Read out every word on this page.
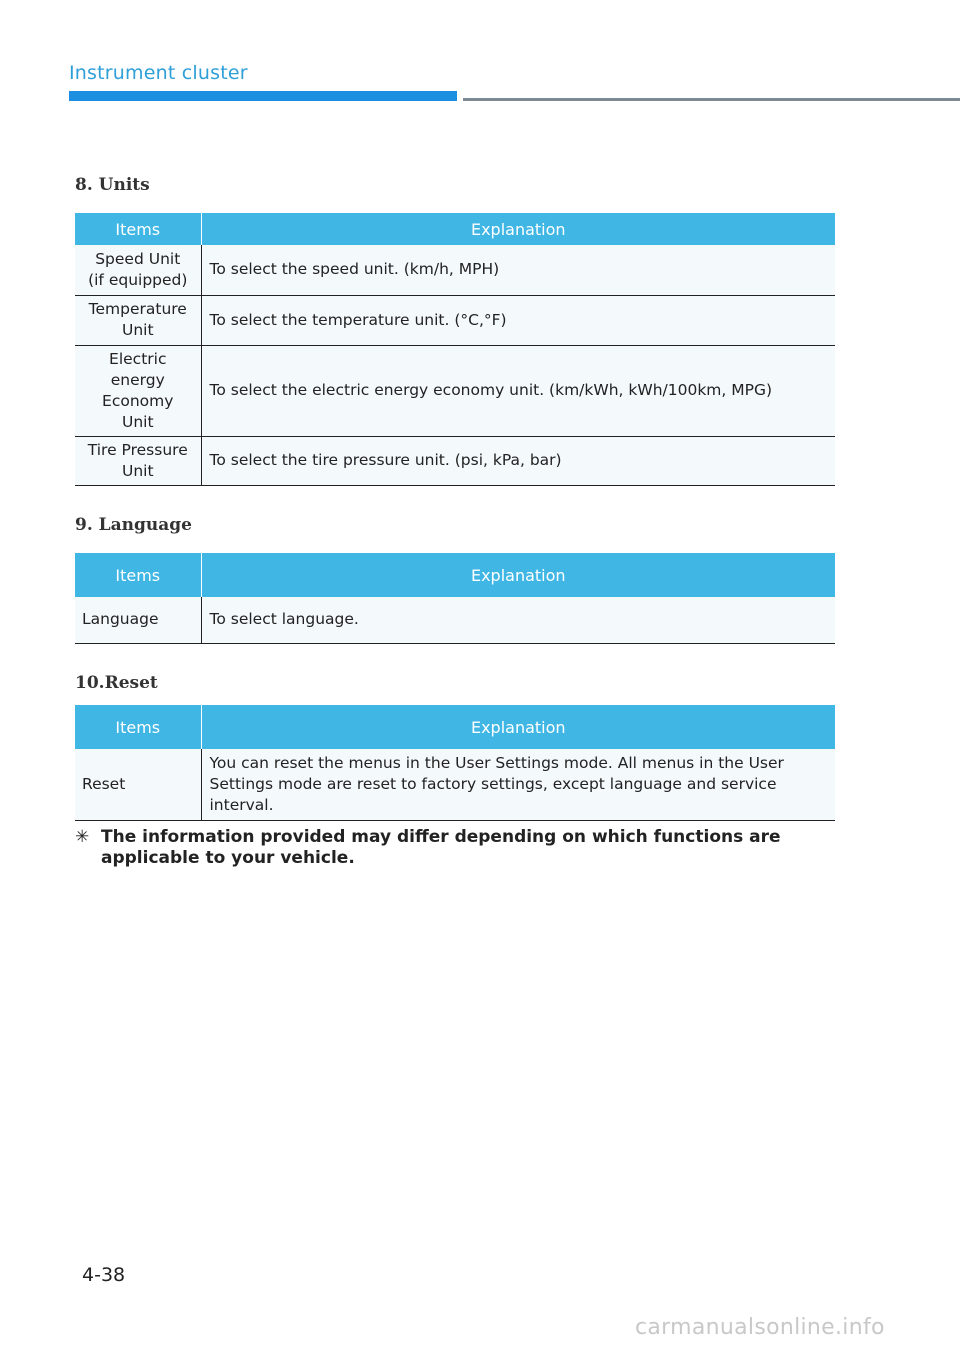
Instrument cluster
8. Units
Items	Explanation
Speed Unit
(if equipped)	To select the speed unit. (km/h, MPH)
Temperature
Unit	To select the temperature unit. (°C,°F)
Electric
energy
Economy
Unit	To select the electric energy economy unit. (km/kWh, kWh/100km, MPG)
Tire Pressure
Unit	To select the tire pressure unit. (psi, kPa, bar)
9. Language
Items	Explanation
Language	To select language.
10.Reset
Items	Explanation
Reset	You can reset the menus in the User Settings mode. All menus in the User Settings mode are reset to factory settings, except language and service interval.
✳ The information provided may differ depending on which functions are
applicable to your vehicle.
4-38
carmanualsonline.info
